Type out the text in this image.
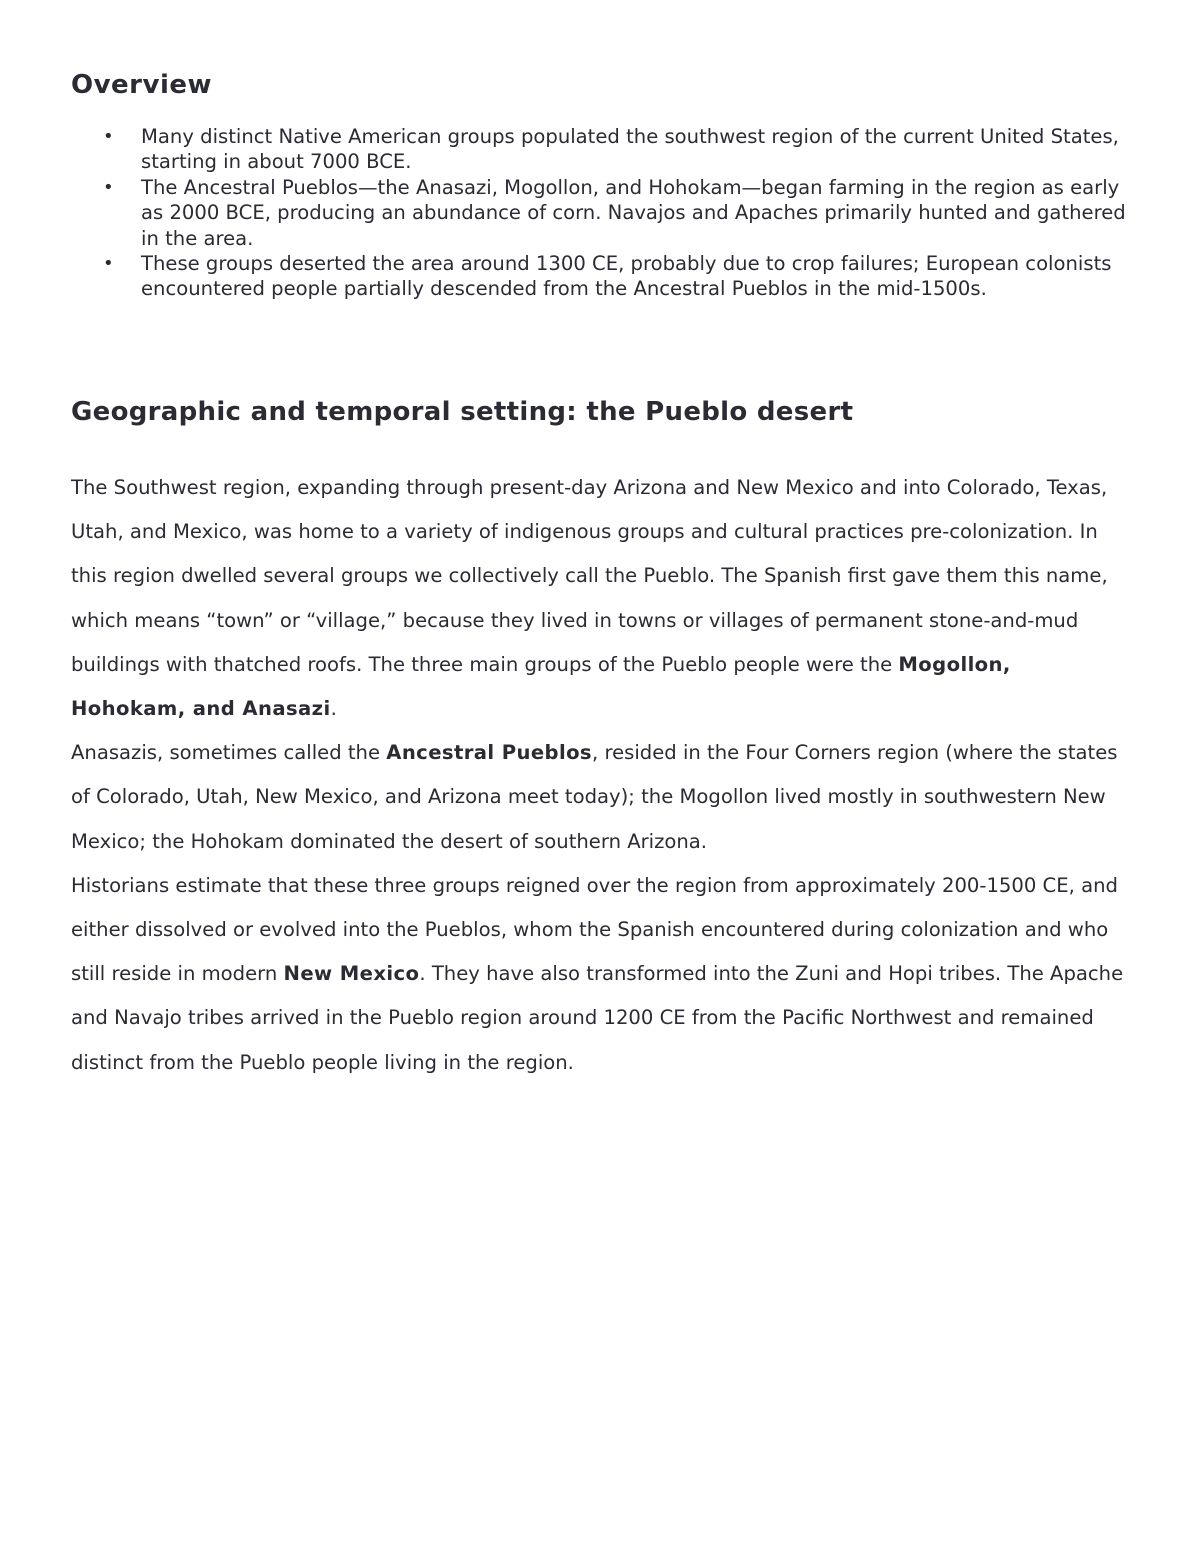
Overview
• Many distinct Native American groups populated the southwest region of the current United States, starting in about 7000 BCE.
• The Ancestral Pueblos—the Anasazi, Mogollon, and Hohokam—began farming in the region as early as 2000 BCE, producing an abundance of corn. Navajos and Apaches primarily hunted and gathered in the area.
• These groups deserted the area around 1300 CE, probably due to crop failures; European colonists encountered people partially descended from the Ancestral Pueblos in the mid-1500s.
Geographic and temporal setting: the Pueblo desert

The Southwest region, expanding through present-day Arizona and New Mexico and into Colorado, Texas, Utah, and Mexico, was home to a variety of indigenous groups and cultural practices pre-colonization. In this region dwelled several groups we collectively call the Pueblo. The Spanish first gave them this name, which means “town” or “village,” because they lived in towns or villages of permanent stone-and-mud buildings with thatched roofs. The three main groups of the Pueblo people were the Mogollon, Hohokam, and Anasazi.

Anasazis, sometimes called the Ancestral Pueblos, resided in the Four Corners region (where the states of Colorado, Utah, New Mexico, and Arizona meet today); the Mogollon lived mostly in southwestern New Mexico; the Hohokam dominated the desert of southern Arizona.

Historians estimate that these three groups reigned over the region from approximately 200-1500 CE, and either dissolved or evolved into the Pueblos, whom the Spanish encountered during colonization and who still reside in modern New Mexico. They have also transformed into the Zuni and Hopi tribes. The Apache and Navajo tribes arrived in the Pueblo region around 1200 CE from the Pacific Northwest and remained distinct from the Pueblo people living in the region.
